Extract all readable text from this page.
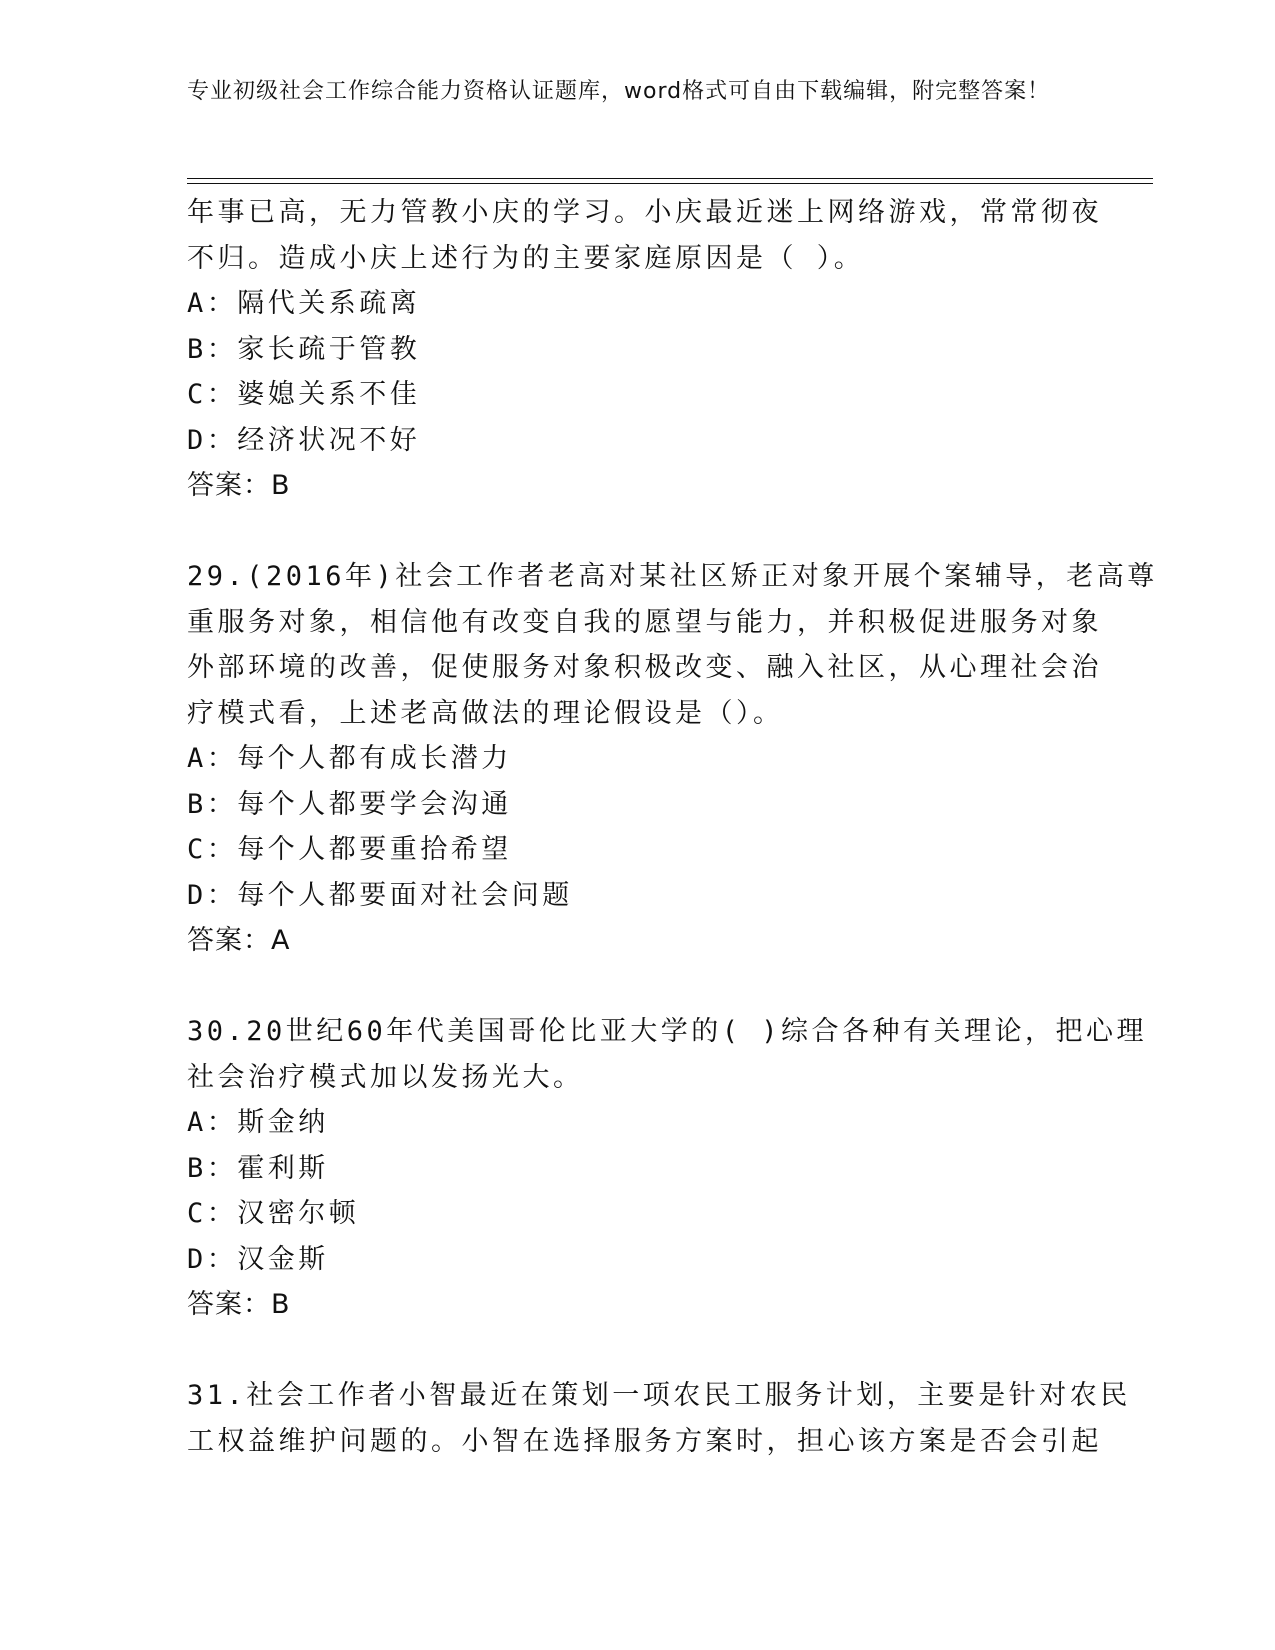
专业初级社会工作综合能力资格认证题库，word格式可自由下载编辑，附完整答案！
年事已高，无力管教小庆的学习。小庆最近迷上网络游戏，常常彻夜
不归。造成小庆上述行为的主要家庭原因是（ ）。
A：隔代关系疏离
B：家长疏于管教
C：婆媳关系不佳
D：经济状况不好
答案：B
29.(2016年)社会工作者老高对某社区矫正对象开展个案辅导，老高尊
重服务对象，相信他有改变自我的愿望与能力，并积极促进服务对象
外部环境的改善，促使服务对象积极改变、融入社区，从心理社会治
疗模式看，上述老高做法的理论假设是（）。
A：每个人都有成长潜力
B：每个人都要学会沟通
C：每个人都要重拾希望
D：每个人都要面对社会问题
答案：A
30.20世纪60年代美国哥伦比亚大学的( )综合各种有关理论，把心理
社会治疗模式加以发扬光大。
A：斯金纳
B：霍利斯
C：汉密尔顿
D：汉金斯
答案：B
31.社会工作者小智最近在策划一项农民工服务计划，主要是针对农民
工权益维护问题的。小智在选择服务方案时，担心该方案是否会引起
